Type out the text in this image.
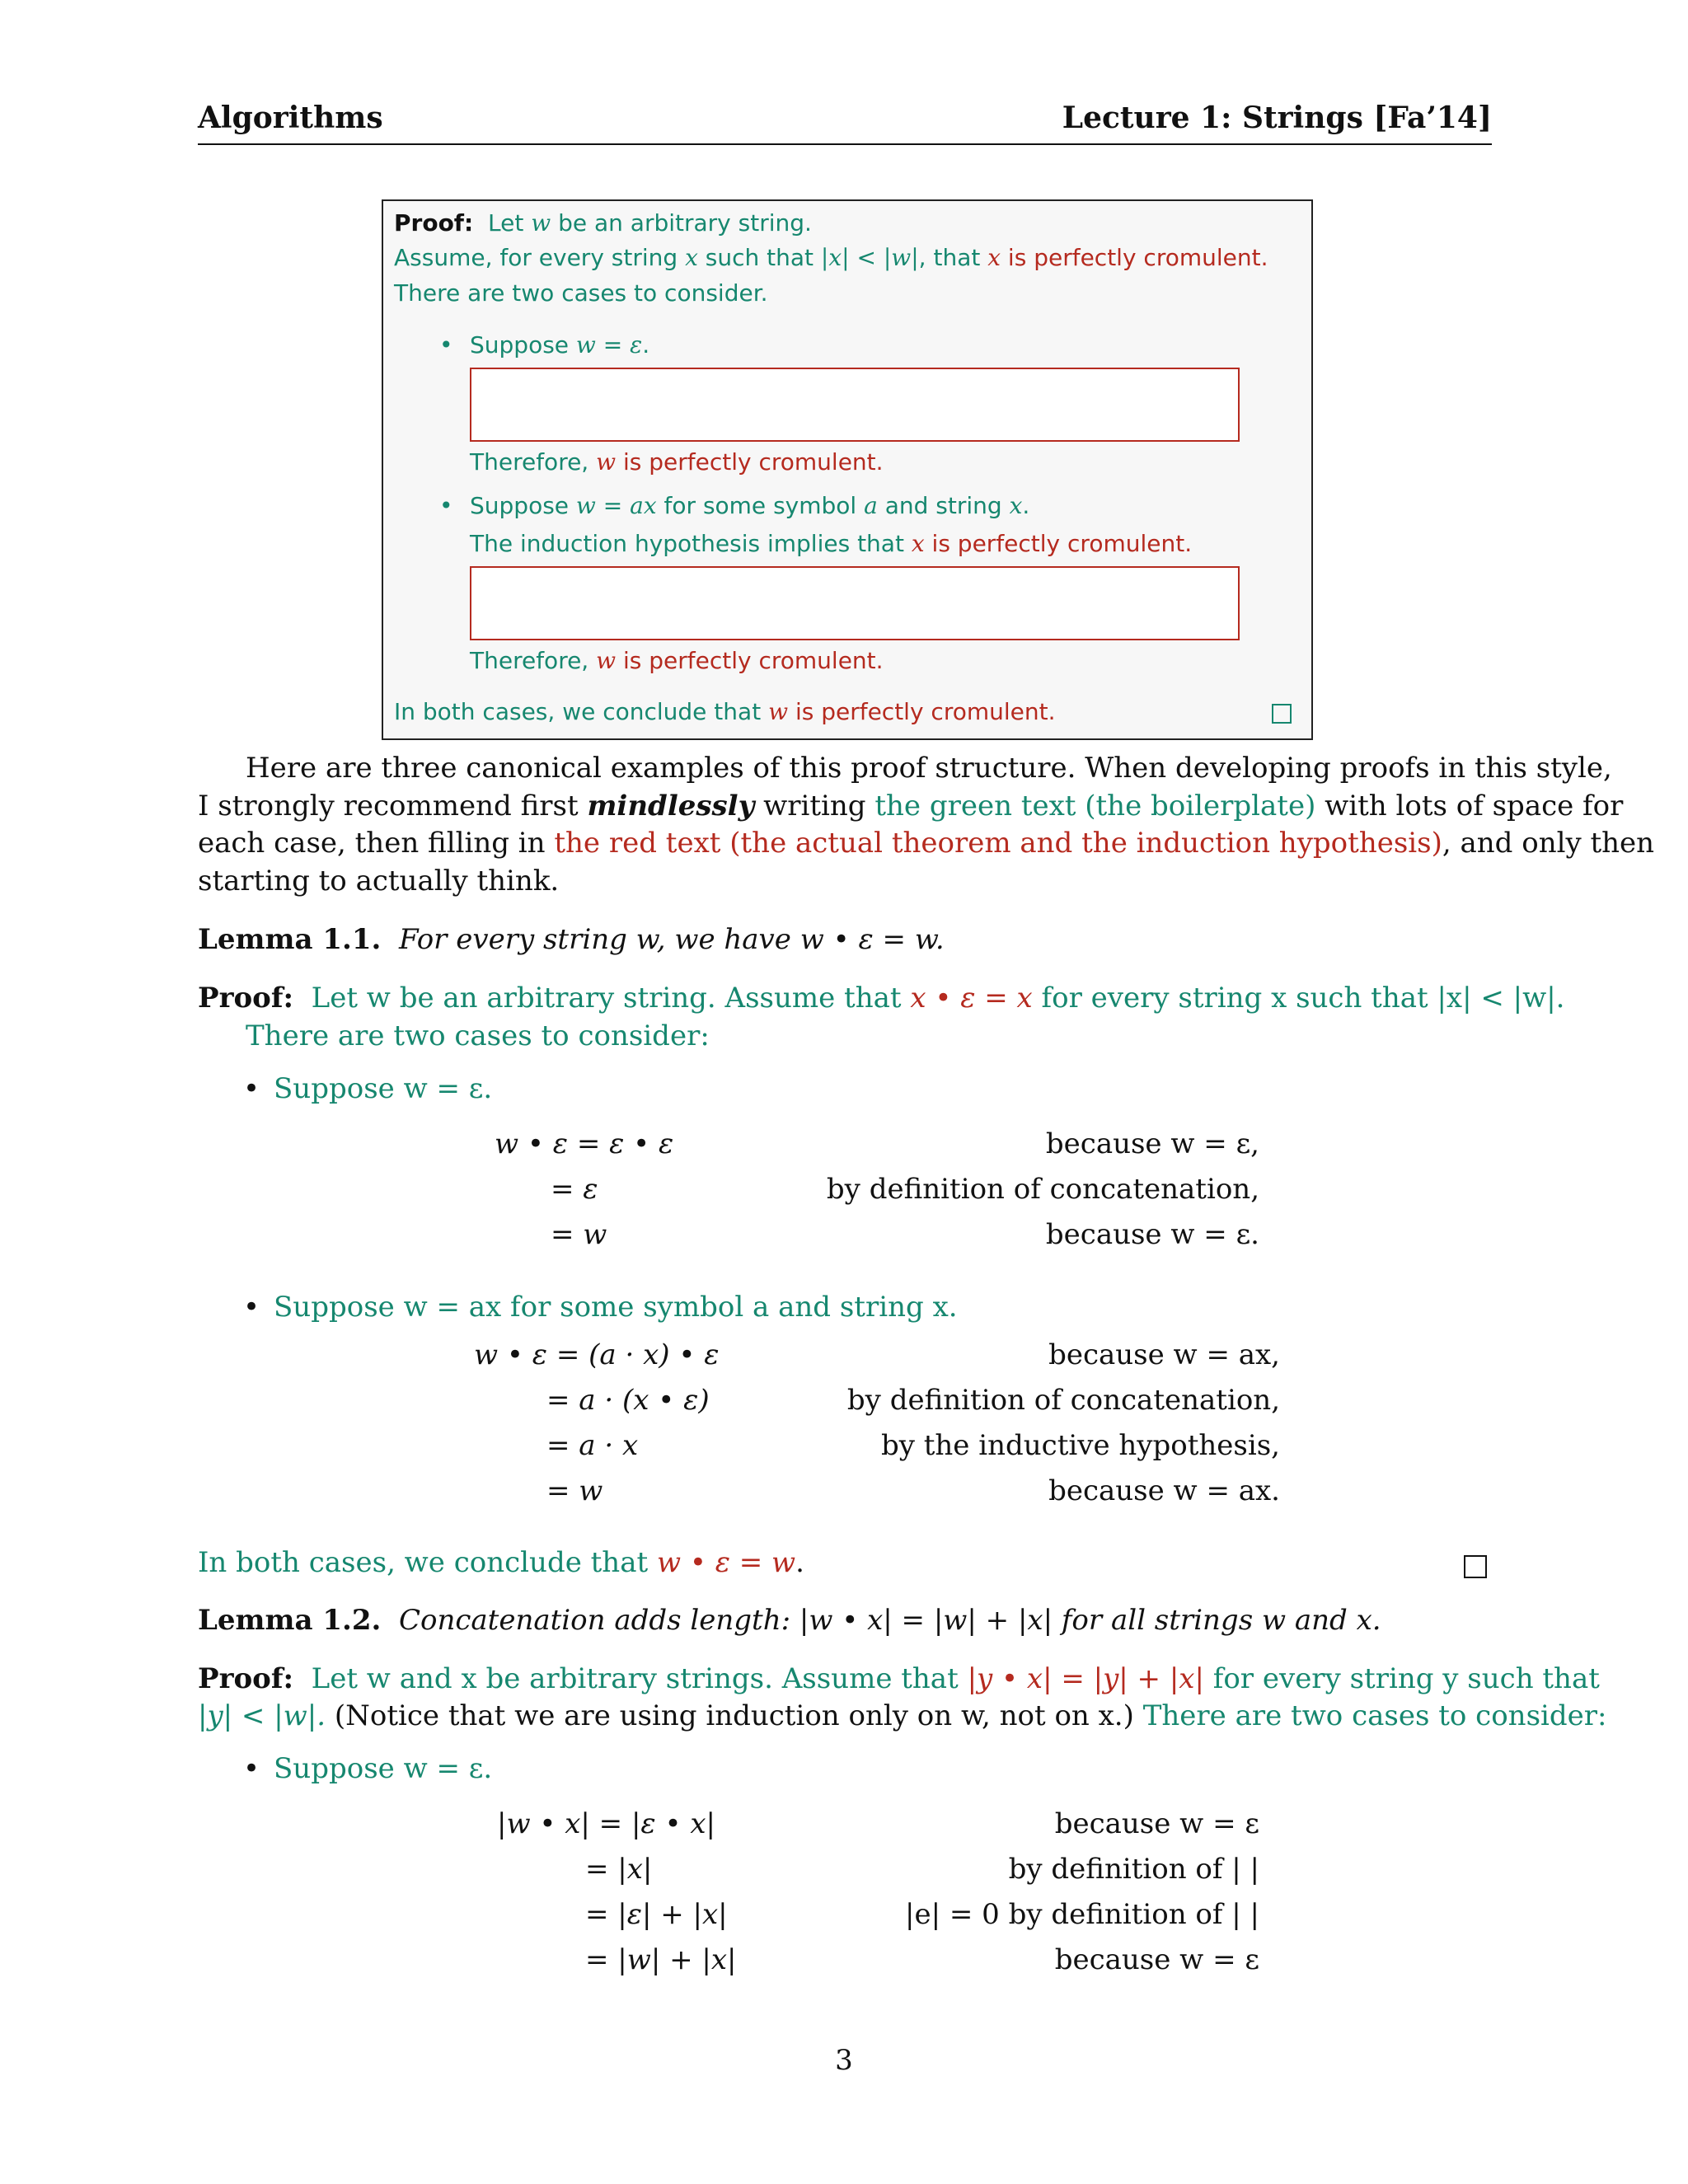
Algorithms	Lecture 1: Strings [Fa’14]
Proof: Let w be an arbitrary string.
Assume, for every string x such that |x| < |w|, that x is perfectly cromulent.
There are two cases to consider.
• Suppose w = ε.
Therefore, w is perfectly cromulent.
• Suppose w = ax for some symbol a and string x.
The induction hypothesis implies that x is perfectly cromulent.
Therefore, w is perfectly cromulent.
In both cases, we conclude that w is perfectly cromulent.
Here are three canonical examples of this proof structure. When developing proofs in this style,
I strongly recommend first mindlessly writing the green text (the boilerplate) with lots of space for
each case, then filling in the red text (the actual theorem and the induction hypothesis), and only then
starting to actually think.
Lemma 1.1. For every string w, we have w • ε = w.
Proof: Let w be an arbitrary string. Assume that x • ε = x for every string x such that |x| < |w|.
There are two cases to consider:
• Suppose w = ε.
w • ε = ε • ε	because w = ε,
= ε	by definition of concatenation,
= w	because w = ε.
• Suppose w = ax for some symbol a and string x.
w • ε = (a · x) • ε	because w = ax,
= a · (x • ε)	by definition of concatenation,
= a · x	by the inductive hypothesis,
= w	because w = ax.
In both cases, we conclude that w • ε = w.
Lemma 1.2. Concatenation adds length: |w • x| = |w| + |x| for all strings w and x.
Proof: Let w and x be arbitrary strings. Assume that |y • x| = |y| + |x| for every string y such that
|y| < |w|. (Notice that we are using induction only on w, not on x.) There are two cases to consider:
• Suppose w = ε.
|w • x| = |ε • x|	because w = ε
= |x|	by definition of | |
= |ε| + |x|	|e| = 0 by definition of | |
= |w| + |x|	because w = ε
3
